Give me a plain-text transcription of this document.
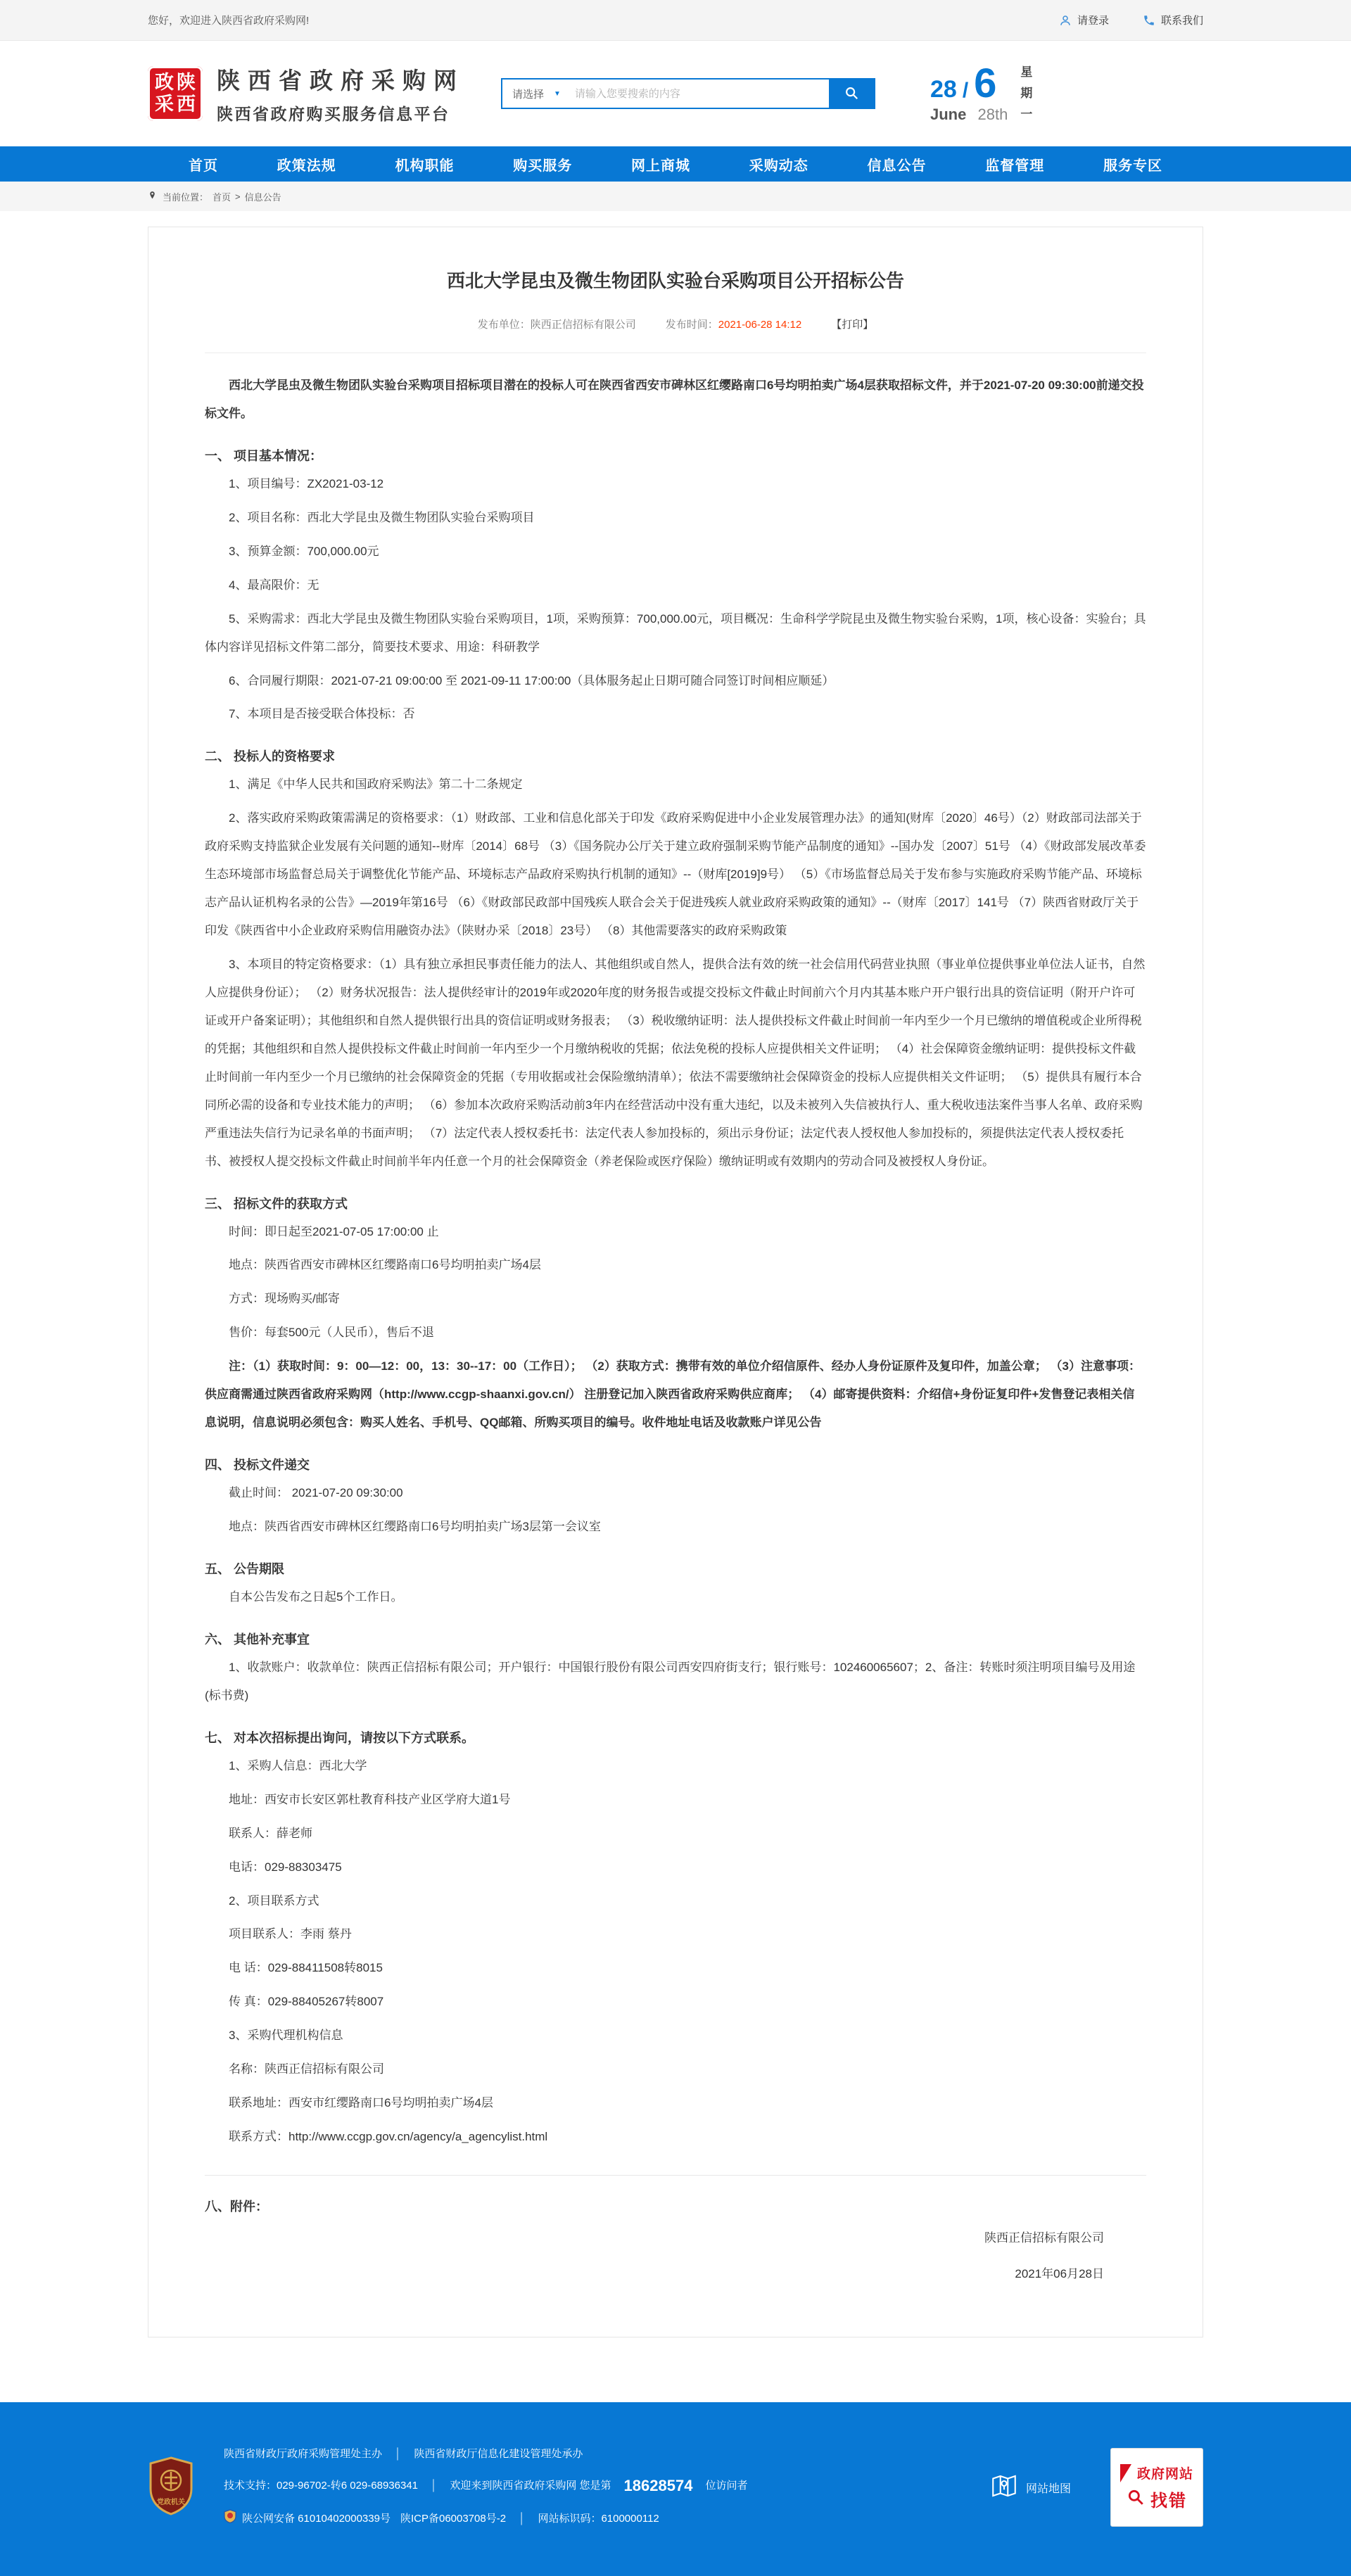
您好，欢迎进入陕西省政府采购网!	请登录	联系我们
政 陕
采 西
陕西省政府采购网
陕西省政府购买服务信息平台
请选择 ▼
请输入您要搜索的内容	28 / 6
June 28th
星
期
一
首页	政策法规	机构职能	购买服务	网上商城	采购动态	信息公告	监督管理	服务专区
当前位置： 首页 > 信息公告
西北大学昆虫及微生物团队实验台采购项目公开招标公告
发布单位：陕西正信招标有限公司	发布时间：2021-06-28 14:12	【打印】
西北大学昆虫及微生物团队实验台采购项目招标项目潜在的投标人可在陕西省西安市碑林区红缨路南口6号均明拍卖广场4层获取招标文件，并于2021-07-20 09:30:00前递交投标文件。
一、 项目基本情况：
1、项目编号：ZX2021-03-12
2、项目名称：西北大学昆虫及微生物团队实验台采购项目
3、预算金额：700,000.00元
4、最高限价：无
5、采购需求：西北大学昆虫及微生物团队实验台采购项目，1项，采购预算：700,000.00元，项目概况：生命科学学院昆虫及微生物实验台采购，1项，核心设备：实验台；具体内容详见招标文件第二部分，简要技术要求、用途：科研教学
6、合同履行期限：2021-07-21 09:00:00 至 2021-09-11 17:00:00（具体服务起止日期可随合同签订时间相应顺延）
7、本项目是否接受联合体投标：否
二、 投标人的资格要求
1、满足《中华人民共和国政府采购法》第二十二条规定
2、落实政府采购政策需满足的资格要求：（1）财政部、工业和信息化部关于印发《政府采购促进中小企业发展管理办法》的通知(财库〔2020〕46号）（2）财政部司法部关于政府采购支持监狱企业发展有关问题的通知--财库〔2014〕68号 （3）《国务院办公厅关于建立政府强制采购节能产品制度的通知》--国办发〔2007〕51号 （4）《财政部发展改革委生态环境部市场监督总局关于调整优化节能产品、环境标志产品政府采购执行机制的通知》--（财库[2019]9号） （5）《市场监督总局关于发布参与实施政府采购节能产品、环境标志产品认证机构名录的公告》—2019年第16号 （6）《财政部民政部中国残疾人联合会关于促进残疾人就业政府采购政策的通知》--（财库〔2017〕141号 （7）陕西省财政厅关于印发《陕西省中小企业政府采购信用融资办法》（陕财办采〔2018〕23号） （8）其他需要落实的政府采购政策
3、本项目的特定资格要求：（1）具有独立承担民事责任能力的法人、其他组织或自然人，提供合法有效的统一社会信用代码营业执照（事业单位提供事业单位法人证书，自然人应提供身份证）； （2）财务状况报告：法人提供经审计的2019年或2020年度的财务报告或提交投标文件截止时间前六个月内其基本账户开户银行出具的资信证明（附开户许可证或开户备案证明）；其他组织和自然人提供银行出具的资信证明或财务报表； （3）税收缴纳证明：法人提供投标文件截止时间前一年内至少一个月已缴纳的增值税或企业所得税的凭据；其他组织和自然人提供投标文件截止时间前一年内至少一个月缴纳税收的凭据；依法免税的投标人应提供相关文件证明； （4）社会保障资金缴纳证明：提供投标文件截止时间前一年内至少一个月已缴纳的社会保障资金的凭据（专用收据或社会保险缴纳清单）；依法不需要缴纳社会保障资金的投标人应提供相关文件证明； （5）提供具有履行本合同所必需的设备和专业技术能力的声明； （6）参加本次政府采购活动前3年内在经营活动中没有重大违纪，以及未被列入失信被执行人、重大税收违法案件当事人名单、政府采购严重违法失信行为记录名单的书面声明； （7）法定代表人授权委托书：法定代表人参加投标的，须出示身份证；法定代表人授权他人参加投标的，须提供法定代表人授权委托书、被授权人提交投标文件截止时间前半年内任意一个月的社会保障资金（养老保险或医疗保险）缴纳证明或有效期内的劳动合同及被授权人身份证。
三、 招标文件的获取方式
时间：即日起至2021-07-05 17:00:00 止
地点：陕西省西安市碑林区红缨路南口6号均明拍卖广场4层
方式：现场购买/邮寄
售价：每套500元（人民币），售后不退
注：（1）获取时间：9：00—12：00，13：30--17：00（工作日）； （2）获取方式：携带有效的单位介绍信原件、经办人身份证原件及复印件，加盖公章； （3）注意事项：供应商需通过陕西省政府采购网（http://www.ccgp-shaanxi.gov.cn/） 注册登记加入陕西省政府采购供应商库； （4）邮寄提供资料：介绍信+身份证复印件+发售登记表相关信息说明，信息说明必须包含：购买人姓名、手机号、QQ邮箱、所购买项目的编号。收件地址电话及收款账户详见公告
四、 投标文件递交
截止时间： 2021-07-20 09:30:00
地点：陕西省西安市碑林区红缨路南口6号均明拍卖广场3层第一会议室
五、 公告期限
自本公告发布之日起5个工作日。
六、 其他补充事宜
1、收款账户：收款单位：陕西正信招标有限公司；开户银行：中国银行股份有限公司西安四府街支行；银行账号：102460065607；2、备注：转账时须注明项目编号及用途(标书费)
七、 对本次招标提出询问，请按以下方式联系。
1、采购人信息：西北大学
地址：西安市长安区郭杜教育科技产业区学府大道1号
联系人：薛老师
电话：029-88303475
2、项目联系方式
项目联系人：李雨 蔡丹
电 话：029-88411508转8015
传 真：029-88405267转8007
3、采购代理机构信息
名称：陕西正信招标有限公司
联系地址：西安市红缨路南口6号均明拍卖广场4层
联系方式：http://www.ccgp.gov.cn/agency/a_agencylist.html
八、附件：
陕西正信招标有限公司
2021年06月28日
党政机关
陕西省财政厅政府采购管理处主办 │ 陕西省财政厅信息化建设管理处承办
技术支持：029-96702-转6 029-68936341 │ 欢迎来到陕西省政府采购网 您是第 18628574 位访问者
陕公网安备 61010402000339号 陕ICP备06003708号-2 │ 网站标识码：6100000112
网站地图
政府网站
找错
